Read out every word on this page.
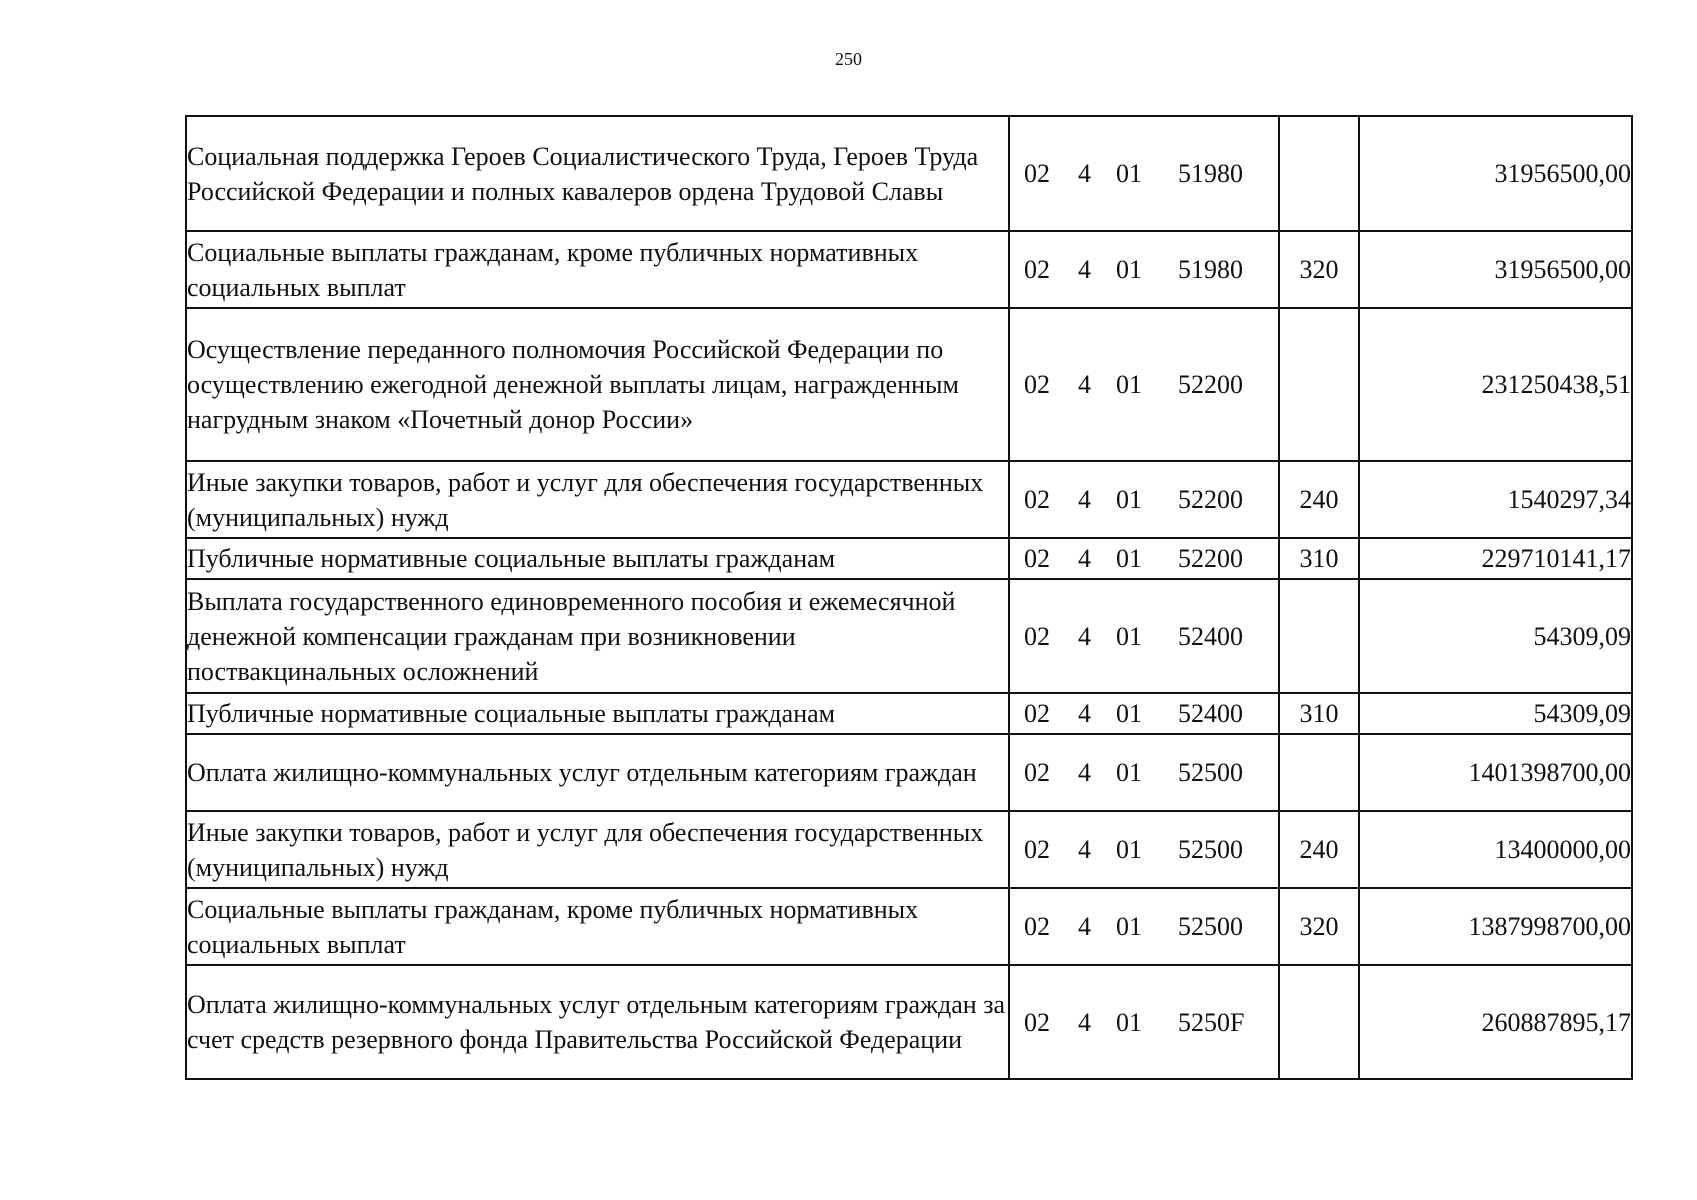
250
Социальная поддержка Героев Социалистического Труда, Героев Труда Российской Федерации и полных кавалеров ордена Трудовой Славы	02 4 01 51980		31956500,00
Социальные выплаты гражданам, кроме публичных нормативных социальных выплат	02 4 01 51980	320	31956500,00
Осуществление переданного полномочия Российской Федерации по осуществлению ежегодной денежной выплаты лицам, награжденным нагрудным знаком «Почетный донор России»	02 4 01 52200		231250438,51
Иные закупки товаров, работ и услуг для обеспечения государственных (муниципальных) нужд	02 4 01 52200	240	1540297,34
Публичные нормативные социальные выплаты гражданам	02 4 01 52200	310	229710141,17
Выплата государственного единовременного пособия и ежемесячной денежной компенсации гражданам при возникновении поствакцинальных осложнений	02 4 01 52400		54309,09
Публичные нормативные социальные выплаты гражданам	02 4 01 52400	310	54309,09
Оплата жилищно-коммунальных услуг отдельным категориям граждан	02 4 01 52500		1401398700,00
Иные закупки товаров, работ и услуг для обеспечения государственных (муниципальных) нужд	02 4 01 52500	240	13400000,00
Социальные выплаты гражданам, кроме публичных нормативных социальных выплат	02 4 01 52500	320	1387998700,00
Оплата жилищно-коммунальных услуг отдельным категориям граждан за счет средств резервного фонда Правительства Российской Федерации	02 4 01 5250F		260887895,17
